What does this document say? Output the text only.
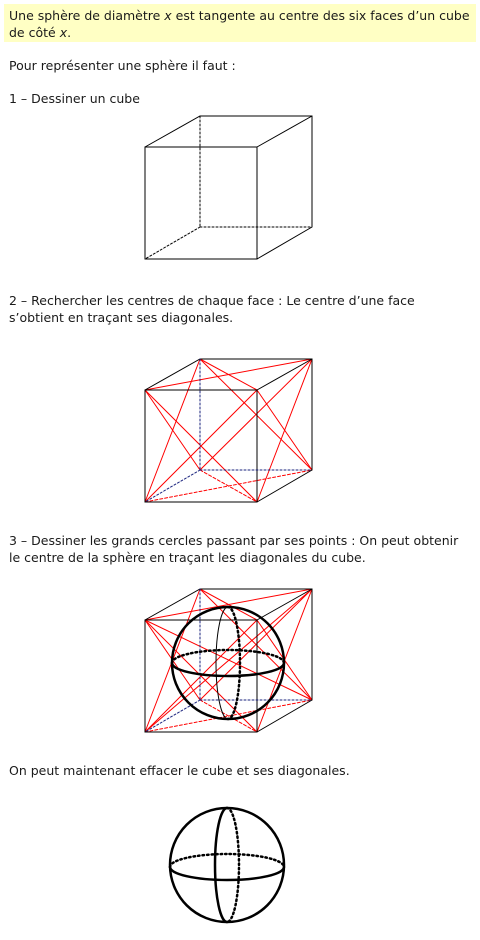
Une sphère de diamètre x est tangente au centre des six faces d’un cube de côté x.

Pour représenter une sphère il faut :

1 – Dessiner un cube

2 – Rechercher les centres de chaque face : Le centre d’une face s’obtient en traçant ses diagonales.

3 – Dessiner les grands cercles passant par ses points : On peut obtenir le centre de la sphère en traçant les diagonales du cube.

On peut maintenant effacer le cube et ses diagonales.
